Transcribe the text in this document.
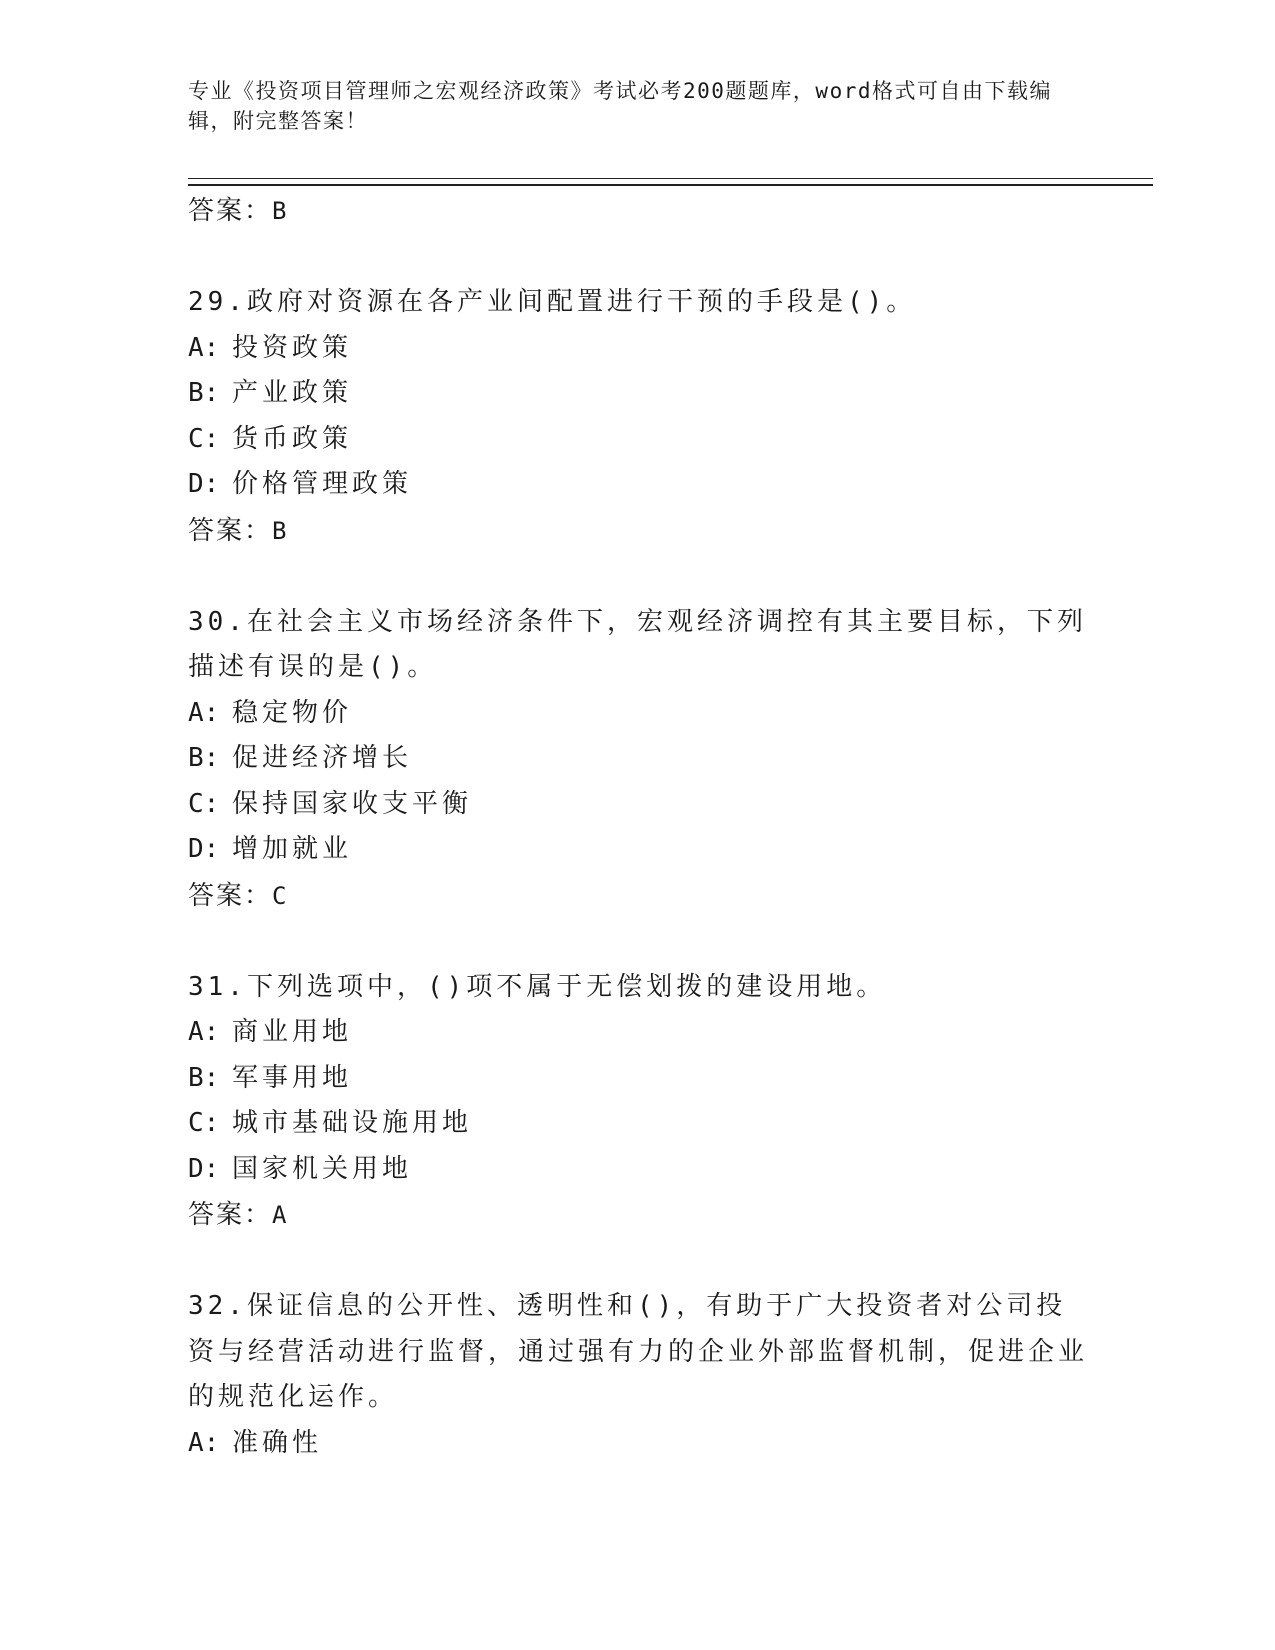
专业《投资项目管理师之宏观经济政策》考试必考200题题库，word格式可自由下载编辑，附完整答案！
答案：B
29.政府对资源在各产业间配置进行干预的手段是()。
A: 投资政策
B: 产业政策
C: 货币政策
D: 价格管理政策
答案：B
30.在社会主义市场经济条件下，宏观经济调控有其主要目标，下列描述有误的是()。
A: 稳定物价
B: 促进经济增长
C: 保持国家收支平衡
D: 增加就业
答案：C
31.下列选项中，()项不属于无偿划拨的建设用地。
A: 商业用地
B: 军事用地
C: 城市基础设施用地
D: 国家机关用地
答案：A
32.保证信息的公开性、透明性和()，有助于广大投资者对公司投资与经营活动进行监督，通过强有力的企业外部监督机制，促进企业的规范化运作。
A: 准确性
